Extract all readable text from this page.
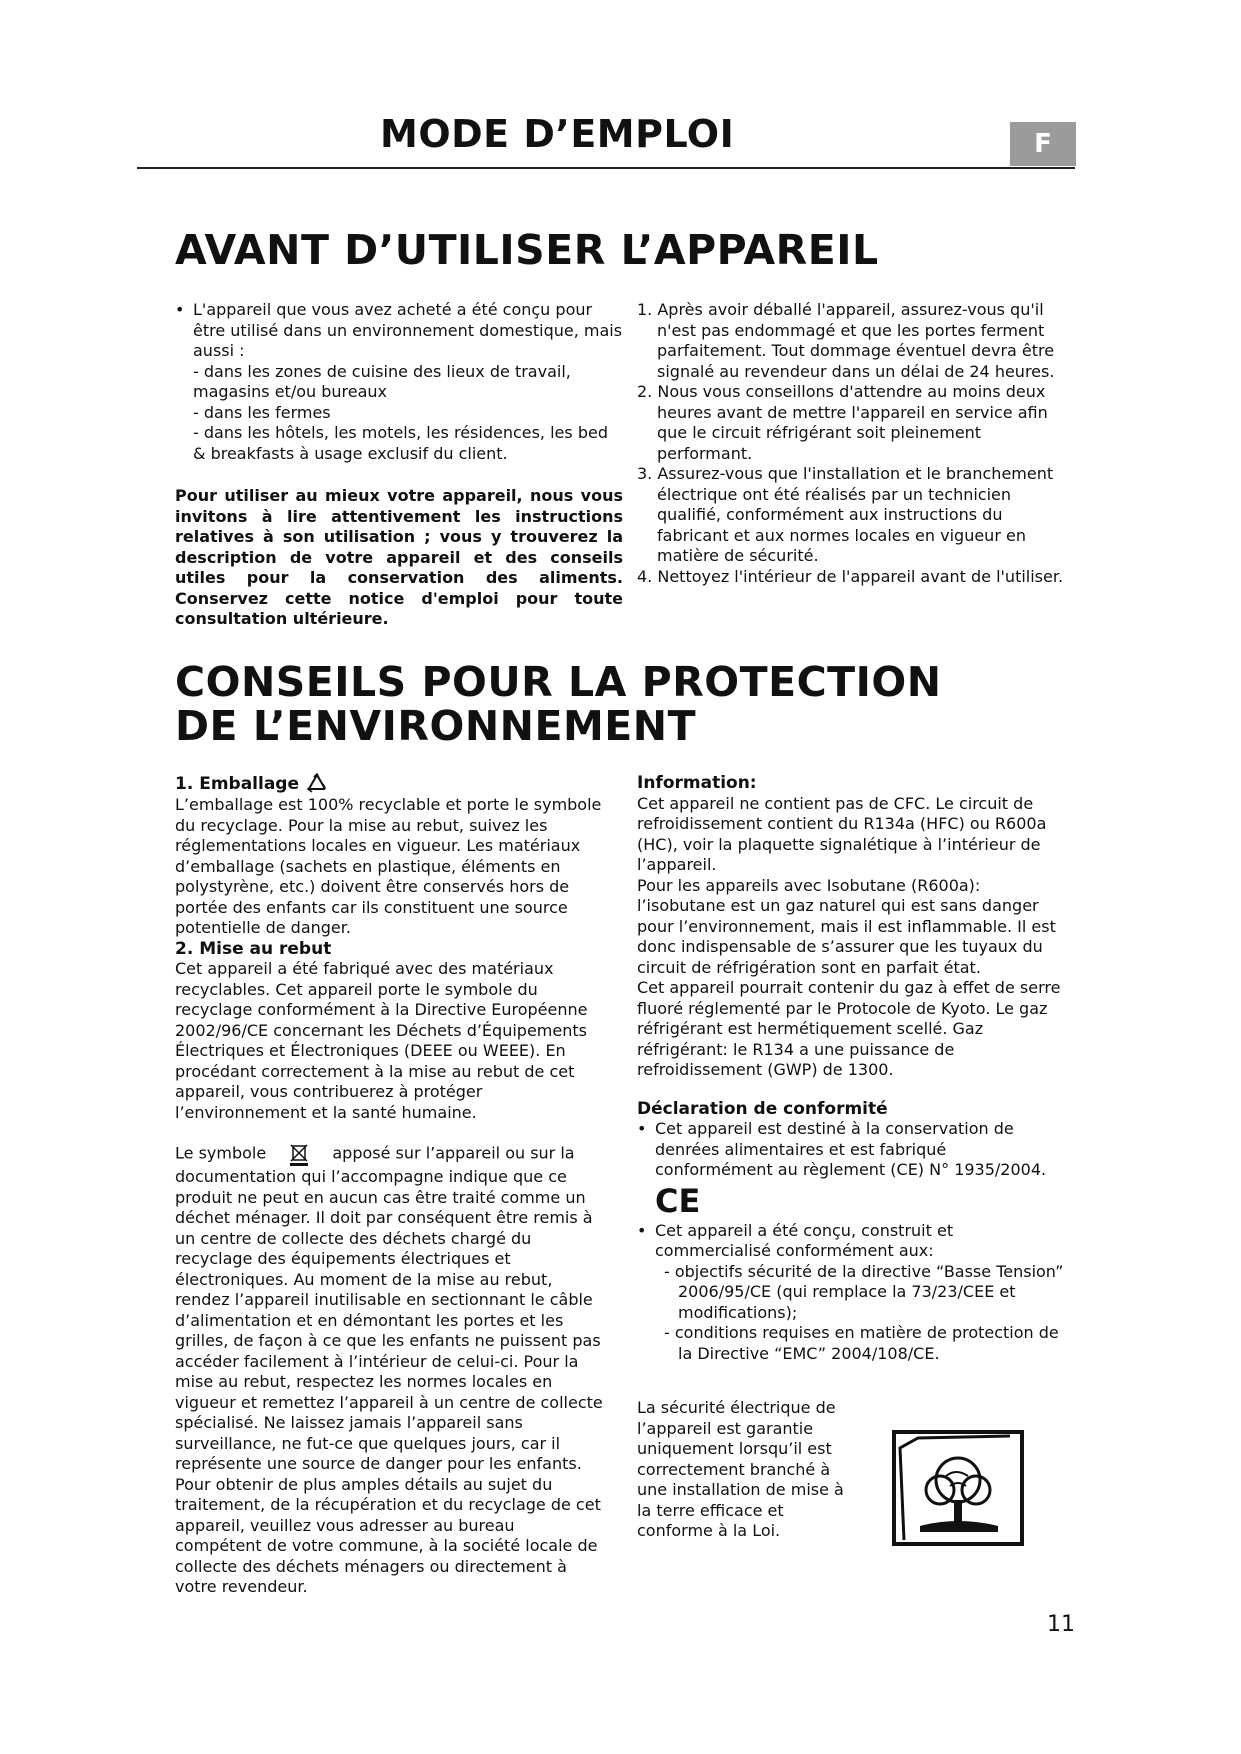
MODE D’EMPLOI	F
AVANT D’UTILISER L’APPAREIL

• L'appareil que vous avez acheté a été conçu pour être utilisé dans un environnement domestique, mais aussi :

- dans les zones de cuisine des lieux de travail, magasins et/ou bureaux

- dans les fermes

- dans les hôtels, les motels, les résidences, les bed & breakfasts à usage exclusif du client.

Pour utiliser au mieux votre appareil, nous vous invitons à lire attentivement les instructions relatives à son utilisation ; vous y trouverez la description de votre appareil et des conseils utiles pour la conservation des aliments. Conservez cette notice d'emploi pour toute consultation ultérieure.

1. Après avoir déballé l'appareil, assurez-vous qu'il n'est pas endommagé et que les portes ferment parfaitement. Tout dommage éventuel devra être signalé au revendeur dans un délai de 24 heures.

2. Nous vous conseillons d'attendre au moins deux heures avant de mettre l'appareil en service afin que le circuit réfrigérant soit pleinement performant.

3. Assurez-vous que l'installation et le branchement électrique ont été réalisés par un technicien qualifié, conformément aux instructions du fabricant et aux normes locales en vigueur en matière de sécurité.

4. Nettoyez l'intérieur de l'appareil avant de l'utiliser.

CONSEILS POUR LA PROTECTION
DE L’ENVIRONNEMENT

1. Emballage

L’emballage est 100% recyclable et porte le symbole du recyclage. Pour la mise au rebut, suivez les réglementations locales en vigueur. Les matériaux d’emballage (sachets en plastique, éléments en polystyrène, etc.) doivent être conservés hors de portée des enfants car ils constituent une source potentielle de danger.

2. Mise au rebut

Cet appareil a été fabriqué avec des matériaux recyclables. Cet appareil porte le symbole du recyclage conformément à la Directive Européenne 2002/96/CE concernant les Déchets d’Équipements Électriques et Électroniques (DEEE ou WEEE). En procédant correctement à la mise au rebut de cet appareil, vous contribuerez à protéger l’environnement et la santé humaine.

Le symbole	apposé sur l’appareil ou sur la documentation qui l’accompagne indique que ce produit ne peut en aucun cas être traité comme un déchet ménager. Il doit par conséquent être remis à un centre de collecte des déchets chargé du recyclage des équipements électriques et électroniques. Au moment de la mise au rebut, rendez l’appareil inutilisable en sectionnant le câble d’alimentation et en démontant les portes et les grilles, de façon à ce que les enfants ne puissent pas accéder facilement à l’intérieur de celui-ci. Pour la mise au rebut, respectez les normes locales en vigueur et remettez l’appareil à un centre de collecte spécialisé. Ne laissez jamais l’appareil sans surveillance, ne fut-ce que quelques jours, car il représente une source de danger pour les enfants. Pour obtenir de plus amples détails au sujet du traitement, de la récupération et du recyclage de cet appareil, veuillez vous adresser au bureau compétent de votre commune, à la société locale de collecte des déchets ménagers ou directement à votre revendeur.

Information:

Cet appareil ne contient pas de CFC. Le circuit de refroidissement contient du R134a (HFC) ou R600a (HC), voir la plaquette signalétique à l’intérieur de l’appareil.

Pour les appareils avec Isobutane (R600a): l’isobutane est un gaz naturel qui est sans danger pour l’environnement, mais il est inflammable. Il est donc indispensable de s’assurer que les tuyaux du circuit de réfrigération sont en parfait état.

Cet appareil pourrait contenir du gaz à effet de serre fluoré réglementé par le Protocole de Kyoto. Le gaz réfrigérant est hermétiquement scellé. Gaz réfrigérant: le R134 a une puissance de refroidissement (GWP) de 1300.

Déclaration de conformité

• Cet appareil est destiné à la conservation de denrées alimentaires et est fabriqué conformément au règlement (CE) N° 1935/2004.

CE

• Cet appareil a été conçu, construit et commercialisé conformément aux:

- objectifs sécurité de la directive “Basse Tension” 2006/95/CE (qui remplace la 73/23/CEE et modifications);

- conditions requises en matière de protection de la Directive “EMC” 2004/108/CE.

La sécurité électrique de l’appareil est garantie uniquement lorsqu’il est correctement branché à une installation de mise à la terre efficace et conforme à la Loi.
11
